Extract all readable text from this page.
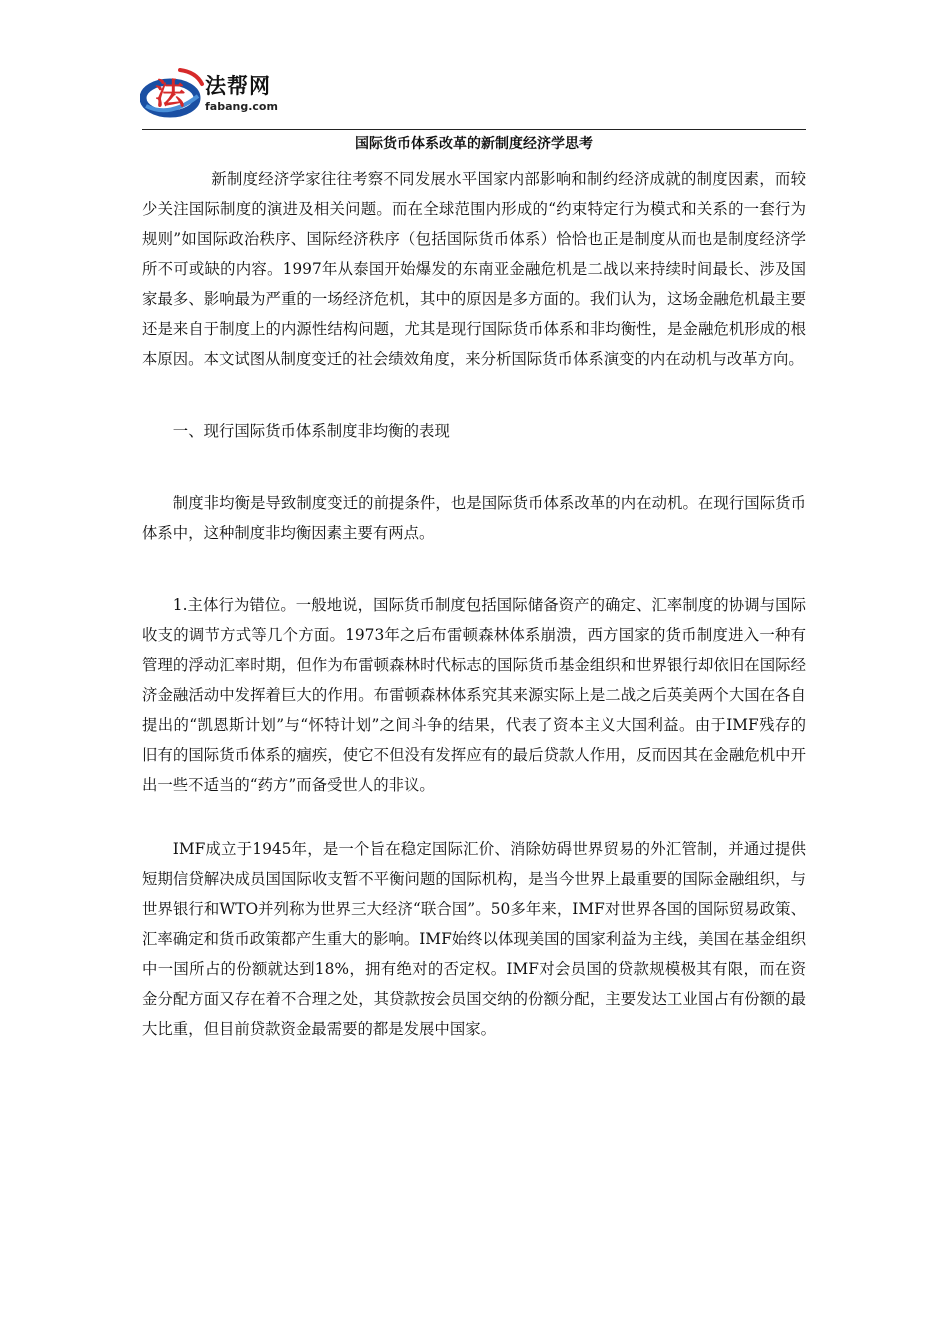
法 法帮网
fabang.com
国际货币体系改革的新制度经济学思考

新制度经济学家往往考察不同发展水平国家内部影响和制约经济成就的制度因素，而较少关注国际制度的演进及相关问题。而在全球范围内形成的“约束特定行为模式和关系的一套行为规则”如国际政治秩序、国际经济秩序（包括国际货币体系）恰恰也正是制度从而也是制度经济学所不可或缺的内容。1997年从泰国开始爆发的东南亚金融危机是二战以来持续时间最长、涉及国家最多、影响最为严重的一场经济危机，其中的原因是多方面的。我们认为，这场金融危机最主要还是来自于制度上的内源性结构问题，尤其是现行国际货币体系和非均衡性，是金融危机形成的根本原因。本文试图从制度变迁的社会绩效角度，来分析国际货币体系演变的内在动机与改革方向。

一、现行国际货币体系制度非均衡的表现

制度非均衡是导致制度变迁的前提条件，也是国际货币体系改革的内在动机。在现行国际货币体系中，这种制度非均衡因素主要有两点。

1.主体行为错位。一般地说，国际货币制度包括国际储备资产的确定、汇率制度的协调与国际收支的调节方式等几个方面。1973年之后布雷顿森林体系崩溃，西方国家的货币制度进入一种有管理的浮动汇率时期，但作为布雷顿森林时代标志的国际货币基金组织和世界银行却依旧在国际经济金融活动中发挥着巨大的作用。布雷顿森林体系究其来源实际上是二战之后英美两个大国在各自提出的“凯恩斯计划”与“怀特计划”之间斗争的结果，代表了资本主义大国利益。由于IMF残存的旧有的国际货币体系的痼疾，使它不但没有发挥应有的最后贷款人作用，反而因其在金融危机中开出一些不适当的“药方”而备受世人的非议。

IMF成立于1945年，是一个旨在稳定国际汇价、消除妨碍世界贸易的外汇管制，并通过提供短期信贷解决成员国国际收支暂不平衡问题的国际机构，是当今世界上最重要的国际金融组织，与世界银行和WTO并列称为世界三大经济“联合国”。50多年来，IMF对世界各国的国际贸易政策、汇率确定和货币政策都产生重大的影响。IMF始终以体现美国的国家利益为主线，美国在基金组织中一国所占的份额就达到18%，拥有绝对的否定权。IMF对会员国的贷款规模极其有限，而在资金分配方面又存在着不合理之处，其贷款按会员国交纳的份额分配，主要发达工业国占有份额的最大比重，但目前贷款资金最需要的都是发展中国家。
